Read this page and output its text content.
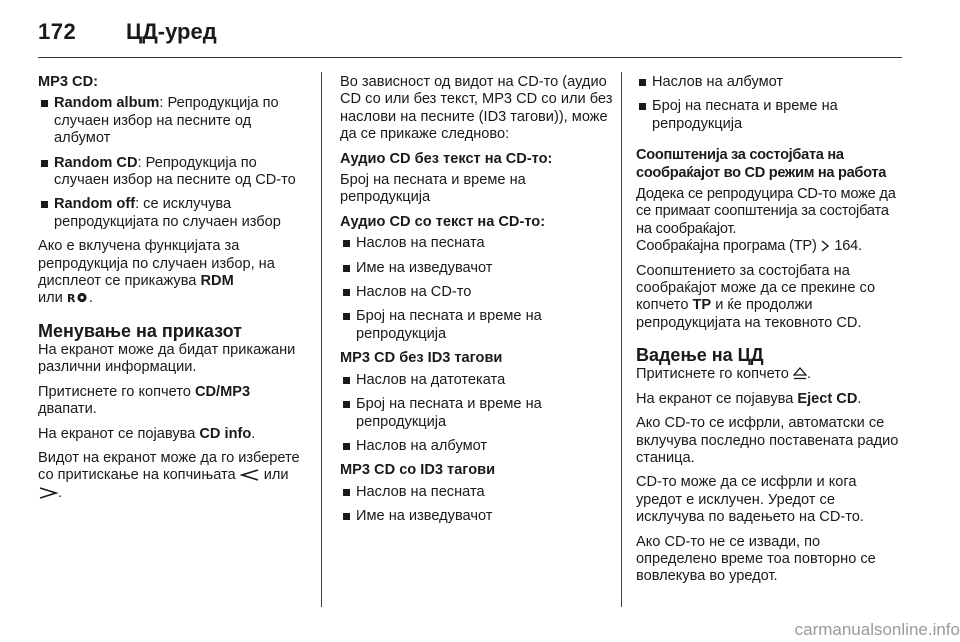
172	ЦД-уред
MP3 CD:
Random album: Репродукција по случаен избор на песните од албумот
Random CD: Репродукција по случаен избор на песните од CD-то
Random off: се исклучува репродукцијата по случаен избор
Ако е вклучена функцијата за репродукција по случаен избор, на дисплеот се прикажува RDM
или R .
Менување на приказот
На екранот може да бидат прикажани различни информации.
Притиснете го копчето CD/MP3 двапати.
На екранот се појавува CD info.
Видот на екранот може да го изберете со притискање на копчињата  или .
Во зависност од видот на CD-то (аудио CD со или без текст, MP3 CD со или без наслови на песните (ID3 тагови)), може да се прикаже следново:
Аудио CD без текст на CD-то:
Број на песната и време на репродукција
Аудио CD со текст на CD-то:
Наслов на песната
Име на изведувачот
Наслов на CD-то
Број на песната и време на репродукција
MP3 CD без ID3 тагови
Наслов на датотеката
Број на песната и време на репродукција
Наслов на албумот
MP3 CD со ID3 тагови
Наслов на песната
Име на изведувачот
Наслов на албумот
Број на песната и време на репродукција
Соопштенија за состојбата на сообраќајот во CD режим на работа
Додека се репродуцира CD-то може да се примаат соопштенија за состојбата на сообраќајот.
Сообраќајна програма (TP)  164.
Соопштението за состојбата на сообраќајот може да се прекине со копчето TP и ќе продолжи репродукцијата на тековното CD.
Вадење на ЦД
Притиснете го копчето .
На екранот се појавува Eject CD.
Ако CD-то се исфрли, автоматски се вклучува последно поставената радио станица.
CD-то може да се исфрли и кога уредот е исклучен. Уредот се исклучува по вадењето на CD-то.
Ако CD-то не се извади, по определено време тоа повторно се вовлекува во уредот.
carmanualsonline.info
